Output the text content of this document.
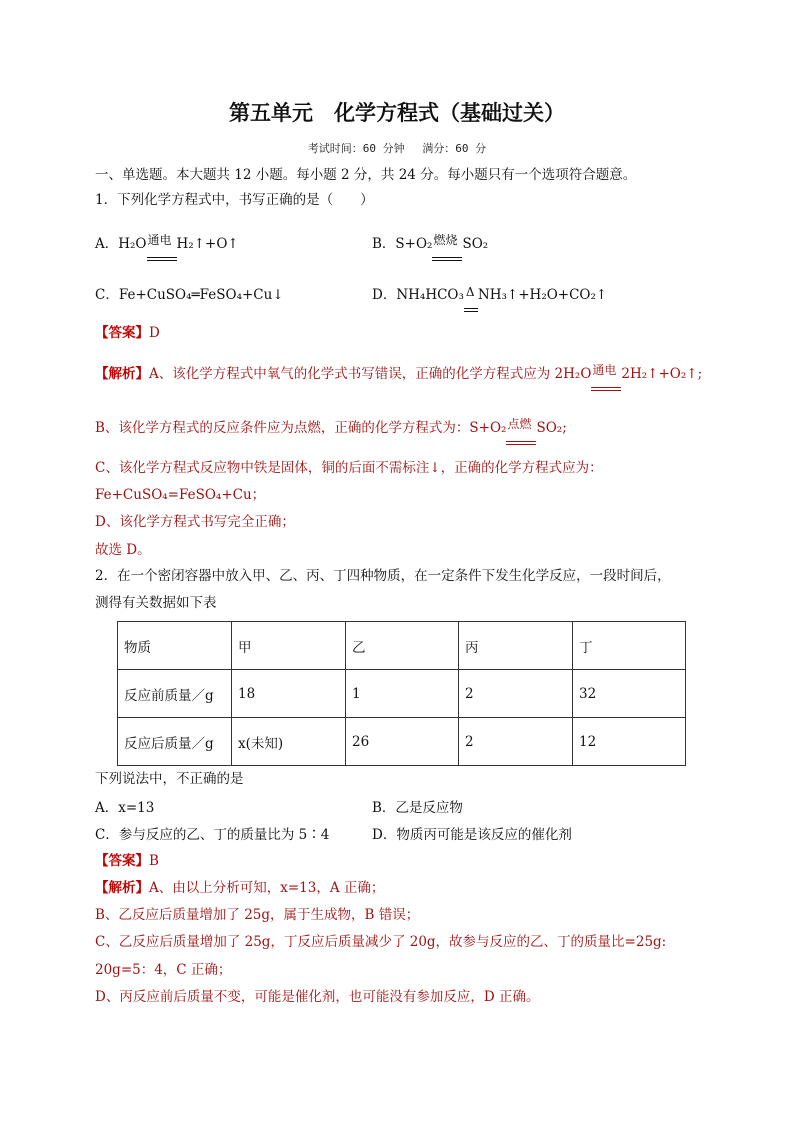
第五单元　化学方程式（基础过关）
考试时间：60 分钟　 满分：60 分
一、单选题。本大题共 12 小题。每小题 2 分，共 24 分。每小题只有一个选项符合题意。
1．下列化学方程式中，书写正确的是（　　）
A．H₂O 通电 H₂↑+O↑	B．S+O₂ 燃烧 SO₂
C．Fe+CuSO₄═FeSO₄+Cu↓	D．NH₄HCO₃ Δ NH₃↑+H₂O+CO₂↑
【答案】D
【解析】A、该化学方程式中氧气的化学式书写错误，正确的化学方程式应为 2H₂O 通电 2H₂↑+O₂↑;
B、该化学方程式的反应条件应为点燃，正确的化学方程式为：S+O₂ 点燃 SO₂;
C、该化学方程式反应物中铁是固体，铜的后面不需标注↓，正确的化学方程式应为：
Fe+CuSO₄=FeSO₄+Cu；
D、该化学方程式书写完全正确；
故选 D。
2．在一个密闭容器中放入甲、乙、丙、丁四种物质，在一定条件下发生化学反应，一段时间后，
测得有关数据如下表
物质	甲	乙	丙	丁
反应前质量／g	18	1	2	32
反应后质量／g	x(未知)	26	2	12
下列说法中，不正确的是
A．x=13	B．乙是反应物
C．参与反应的乙、丁的质量比为 5∶4	D．物质丙可能是该反应的催化剂
【答案】B
【解析】A、由以上分析可知，x=13，A 正确；
B、乙反应后质量增加了 25g，属于生成物，B 错误；
C、乙反应后质量增加了 25g，丁反应后质量减少了 20g，故参与反应的乙、丁的质量比=25g:
20g=5：4，C 正确；
D、丙反应前后质量不变，可能是催化剂，也可能没有参加反应，D 正确。
